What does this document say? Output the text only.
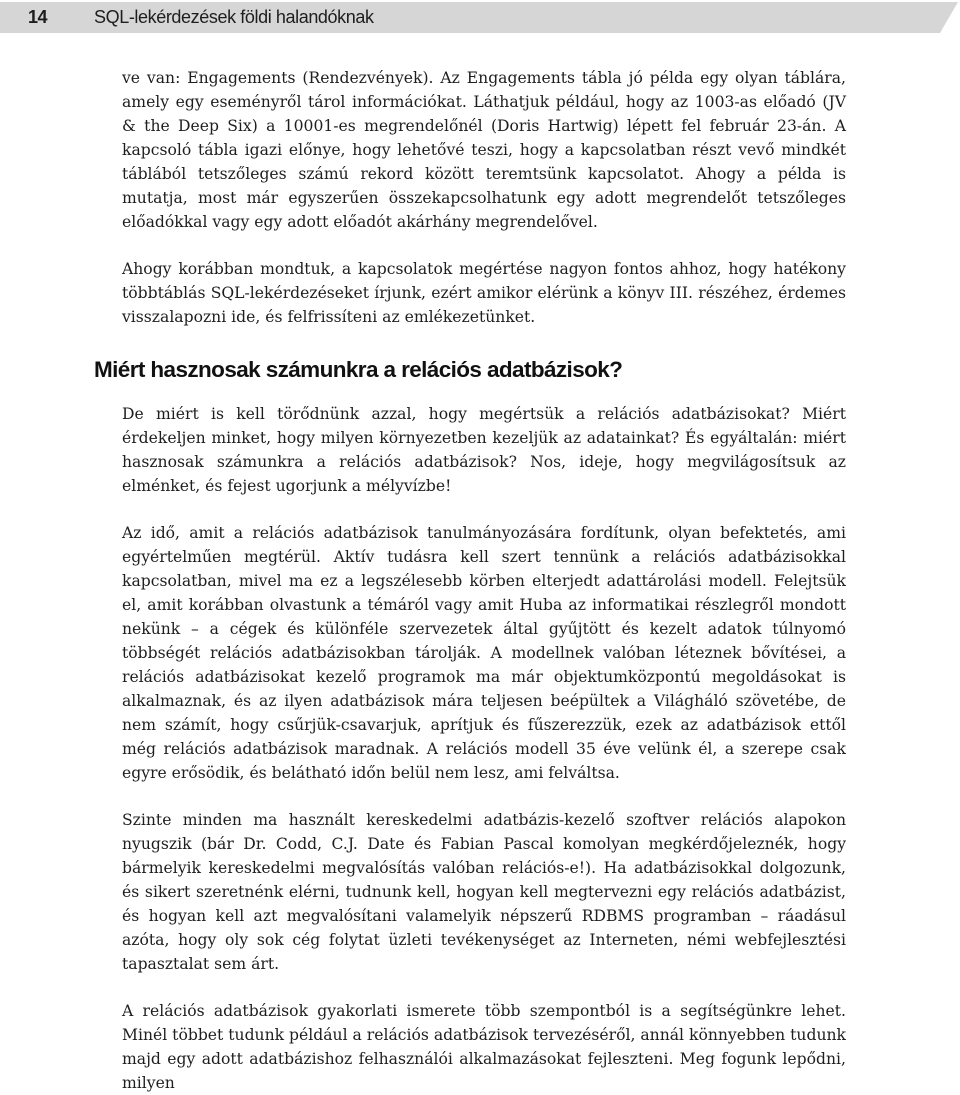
14	SQL-lekérdezések földi halandóknak

ve van: Engagements (Rendezvények). Az Engagements tábla jó példa egy olyan táblára, amely egy eseményről tárol információkat. Láthatjuk például, hogy az 1003-as előadó (JV & the Deep Six) a 10001-es megrendelőnél (Doris Hartwig) lépett fel február 23-án. A kapcsoló tábla igazi előnye, hogy lehetővé teszi, hogy a kapcsolatban részt vevő mindkét táblából tetszőleges számú rekord között teremtsünk kapcsolatot. Ahogy a példa is mutatja, most már egyszerűen összekapcsolhatunk egy adott megrendelőt tetszőleges előadókkal vagy egy adott előadót akárhány megrendelővel.

Ahogy korábban mondtuk, a kapcsolatok megértése nagyon fontos ahhoz, hogy hatékony többtáblás SQL-lekérdezéseket írjunk, ezért amikor elérünk a könyv III. részéhez, érdemes visszalapozni ide, és felfrissíteni az emlékezetünket.

Miért hasznosak számunkra a relációs adatbázisok?

De miért is kell törődnünk azzal, hogy megértsük a relációs adatbázisokat? Miért érdekeljen minket, hogy milyen környezetben kezeljük az adatainkat? És egyáltalán: miért hasznosak számunkra a relációs adatbázisok? Nos, ideje, hogy megvilágosítsuk az elménket, és fejest ugorjunk a mélyvízbe!

Az idő, amit a relációs adatbázisok tanulmányozására fordítunk, olyan befektetés, ami egyértelműen megtérül. Aktív tudásra kell szert tennünk a relációs adatbázisokkal kapcsolatban, mivel ma ez a legszélesebb körben elterjedt adattárolási modell. Felejtsük el, amit korábban olvastunk a témáról vagy amit Huba az informatikai részlegről mondott nekünk – a cégek és különféle szervezetek által gyűjtött és kezelt adatok túlnyomó többségét relációs adatbázisokban tárolják. A modellnek valóban léteznek bővítései, a relációs adatbázisokat kezelő programok ma már objektumközpontú megoldásokat is alkalmaznak, és az ilyen adatbázisok mára teljesen beépültek a Világháló szövetébe, de nem számít, hogy csűrjük-csavarjuk, aprítjuk és fűszerezzük, ezek az adatbázisok ettől még relációs adatbázisok maradnak. A relációs modell 35 éve velünk él, a szerepe csak egyre erősödik, és belátható időn belül nem lesz, ami felváltsa.

Szinte minden ma használt kereskedelmi adatbázis-kezelő szoftver relációs alapokon nyugszik (bár Dr. Codd, C.J. Date és Fabian Pascal komolyan megkérdőjeleznék, hogy bármelyik kereskedelmi megvalósítás valóban relációs-e!). Ha adatbázisokkal dolgozunk, és sikert szeretnénk elérni, tudnunk kell, hogyan kell megtervezni egy relációs adatbázist, és hogyan kell azt megvalósítani valamelyik népszerű RDBMS programban – ráadásul azóta, hogy oly sok cég folytat üzleti tevékenységet az Interneten, némi webfejlesztési tapasztalat sem árt.

A relációs adatbázisok gyakorlati ismerete több szempontból is a segítségünkre lehet. Minél többet tudunk például a relációs adatbázisok tervezéséről, annál könnyebben tudunk majd egy adott adatbázishoz felhasználói alkalmazásokat fejleszteni. Meg fogunk lepődni, milyen
